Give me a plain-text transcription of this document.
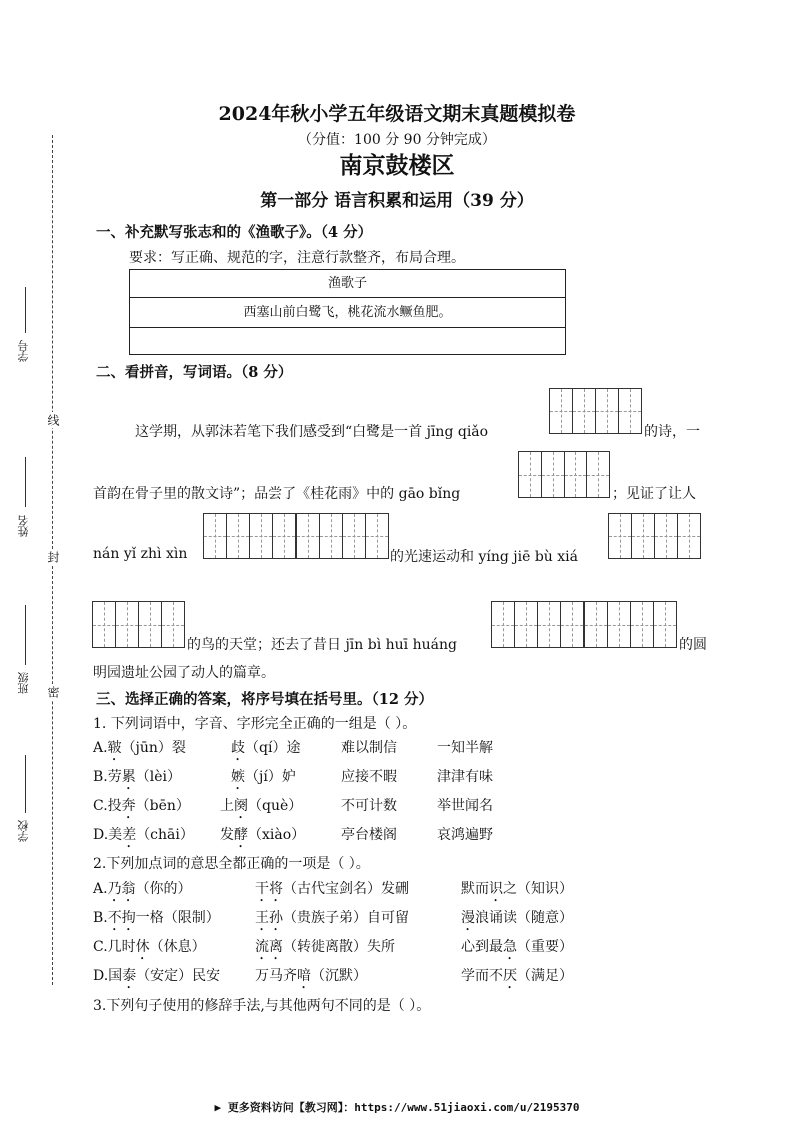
线
封
密
学号
姓名
班级
学校
2024年秋小学五年级语文期末真题模拟卷
（分值：100 分 90 分钟完成）
南京鼓楼区
第一部分 语言积累和运用（39 分）
一、补充默写张志和的《渔歌子》。（4 分）
要求：写正确、规范的字，注意行款整齐，布局合理。
渔歌子
西塞山前白鹭飞，桃花流水鳜鱼肥。
二、看拼音，写词语。（8 分）
这学期，从郭沫若笔下我们感受到“白鹭是一首 jīng qiǎo	的诗，一
首韵在骨子里的散文诗”；品尝了《桂花雨》中的 gāo bǐng	；见证了让人
nán yǐ zhì xìn	的光速运动和 yíng jiē bù xiá
的鸟的天堂；还去了昔日 jīn bì huī huáng	的圆
明园遗址公园了动人的篇章。
三、选择正确的答案，将序号填在括号里。（12 分）
1. 下列词语中，字音、字形完全正确的一组是（ ）。
A.皲（jūn）裂	歧（qí）途	难以制信	一知半解
B.劳累（lèi）	嫉（jí）妒	应接不暇	津津有味
C.投奔（bēn） 上阕（què）	不可计数	举世闻名
D.美差（chāi） 发酵（xiào）	亭台楼阁	哀鸿遍野
2.下列加点词的意思全都正确的一项是（ ）。
A.乃翁（你的）	干将（古代宝剑名）发硎	默而识之（知识）
B.不拘一格（限制）	王孙（贵族子弟）自可留	漫浪诵读（随意）
C.几时休（休息）	流离（转徙离散）失所	心到最急（重要）
D.国泰（安定）民安 万马齐喑（沉默）	学而不厌（满足）
3.下列句子使用的修辞手法,与其他两句不同的是（ ）。
▶ 更多资料访问【教习网】：https://www.51jiaoxi.com/u/2195370
